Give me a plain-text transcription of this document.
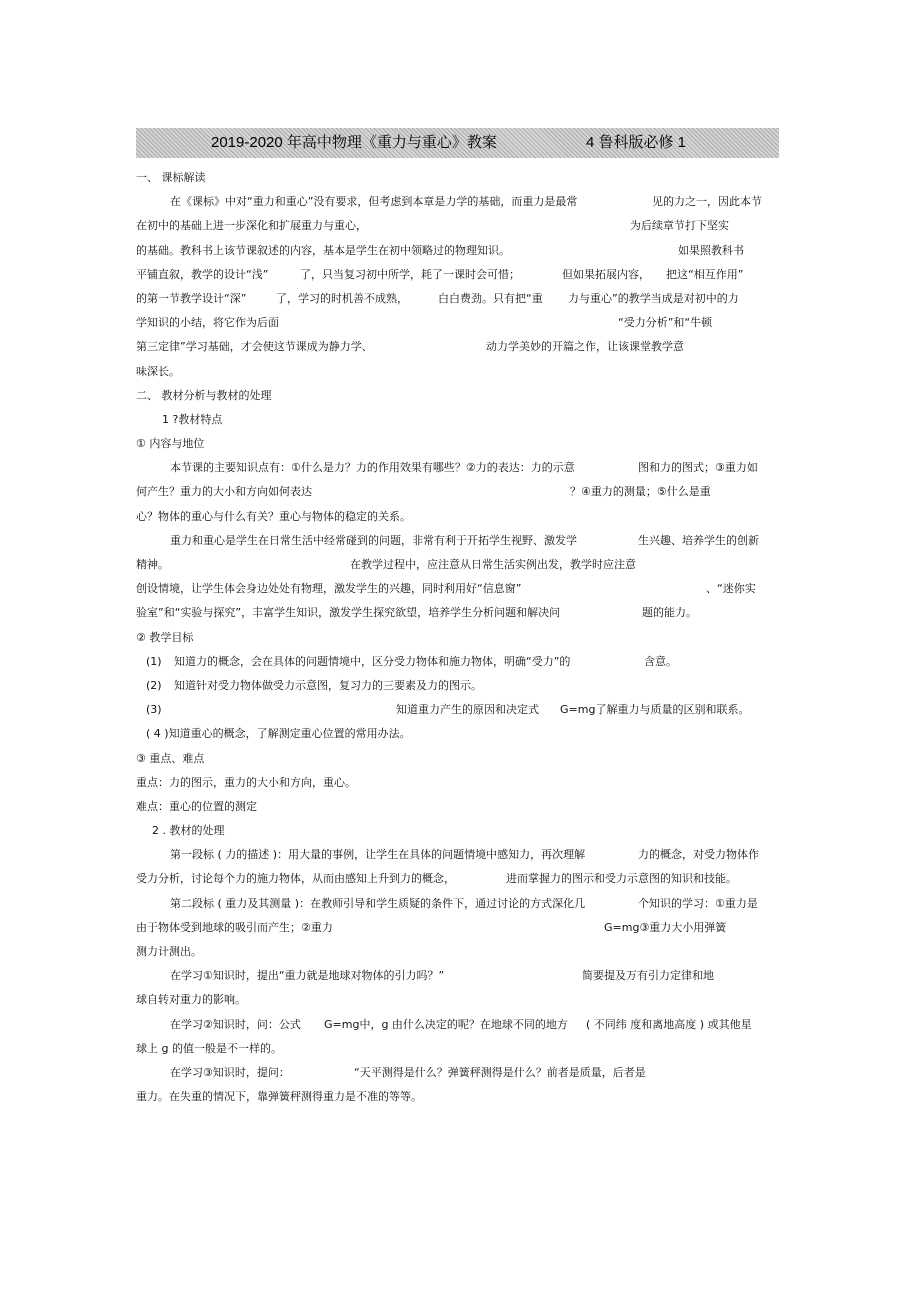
2019-2020 年高中物理《重力与重心》教案	4 鲁科版必修 1
一、 课标解读
在《课标》中对“重力和重心”没有要求，但考虑到本章是力学的基础，而重力是最常	见的力之一，因此本节
在初中的基础上进一步深化和扩展重力与重心，	为后续章节打下坚实
的基础。教科书上该节课叙述的内容，基本是学生在初中领略过的物理知识。	如果照教科书
平铺直叙，教学的设计“浅”	了，只当复习初中所学，耗了一课时会可惜；	但如果拓展内容， 把这“相互作用”
的第一节教学设计“深”	了，学习的时机善不成熟，	白白费劲。只有把“重 力与重心”的教学当成是对初中的力
学知识的小结，将它作为后面	“受力分析”和“牛顿
第三定律”学习基础，才会使这节课成为静力学、	动力学美妙的开篇之作，让该课堂教学意
味深长。
二、 教材分析与教材的处理
1 ?教材特点
① 内容与地位
本节课的主要知识点有：①什么是力？力的作用效果有哪些？②力的表达：力的示意	图和力的图式；③重力如
何产生？重力的大小和方向如何表达	？④重力的测量；⑤什么是重
心？物体的重心与什么有关？重心与物体的稳定的关系。
重力和重心是学生在日常生活中经常碰到的问题，非常有利于开拓学生视野、激发学	生兴趣、培养学生的创新
精神。	在教学过程中，应注意从日常生活实例出发，教学时应注意
创设情境，让学生体会身边处处有物理，激发学生的兴趣，同时利用好“信息窗”	、“迷你实
验室”和“实验与探究”，丰富学生知识，激发学生探究欲望，培养学生分析问题和解决问	题的能力。
② 教学目标
(1) 知道力的概念，会在具体的问题情境中，区分受力物体和施力物体，明确“受力”的	含意。
(2) 知道针对受力物体做受力示意图，复习力的三要素及力的图示。
(3)	知道重力产生的原因和决定式 G=mg了解重力与质量的区别和联系。
( 4 )知道重心的概念，了解测定重心位置的常用办法。
③ 重点、难点
重点：力的图示，重力的大小和方向，重心。
难点：重心的位置的测定
2 . 教材的处理
第一段标 ( 力的描述 )：用大量的事例，让学生在具体的问题情境中感知力，再次理解	力的概念，对受力物体作
受力分析，讨论每个力的施力物体，从而由感知上升到力的概念，	进而掌握力的图示和受力示意图的知识和技能。
第二段标 ( 重力及其测量 )：在教师引导和学生质疑的条件下，通过讨论的方式深化几	个知识的学习：①重力是
由于物体受到地球的吸引而产生；②重力	G=mg③重力大小用弹簧
测力计测出。
在学习①知识时，提出“重力就是地球对物体的引力吗？”	简要提及万有引力定律和地
球自转对重力的影响。
在学习②知识时，问：公式 G=mg中，g 由什么决定的呢？在地球不同的地方 ( 不同纬 度和离地高度 ) 或其他星
球上 g 的值一般是不一样的。
在学习③知识时，提问：	“天平测得是什么？弹簧秤测得是什么？前者是质量，后者是
重力。在失重的情况下，靠弹簧秤测得重力是不准的等等。
